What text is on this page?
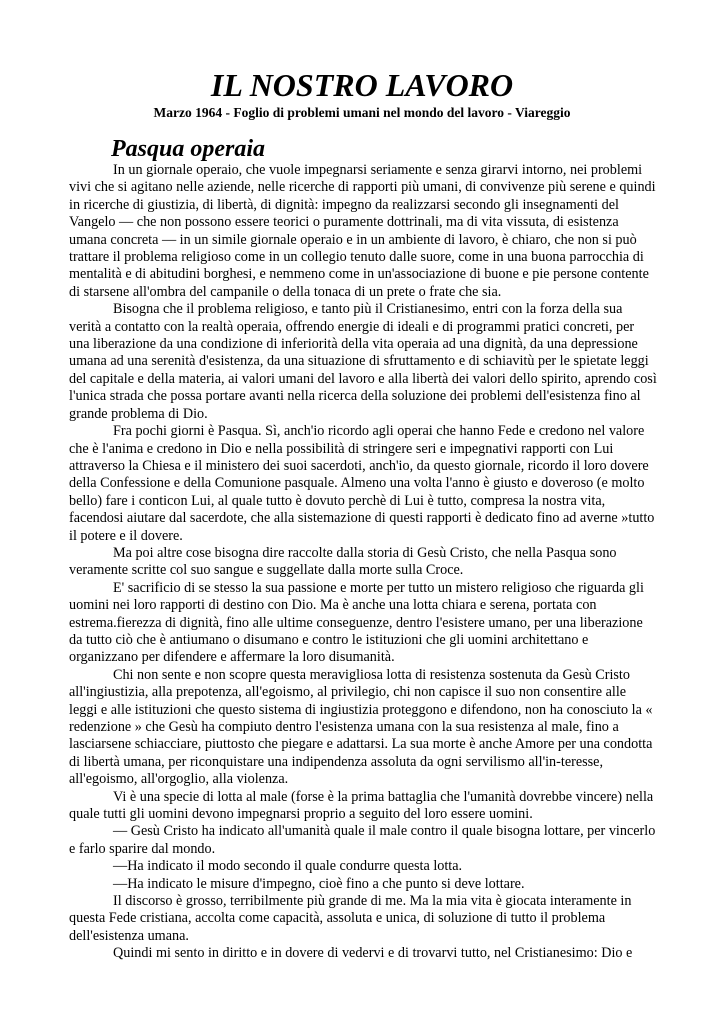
IL NOSTRO LAVORO
Marzo 1964 - Foglio di problemi umani nel mondo del lavoro - Viareggio
Pasqua operaia

In un giornale operaio, che vuole impegnarsi seriamente e senza girarvi intorno, nei problemi vivi che si agitano nelle aziende, nelle ricerche di rapporti più umani, di convivenze più serene e quindi in ricerche di giustizia, di libertà, di dignità: impegno da realizzarsi secondo gli insegnamenti del Vangelo — che non possono essere teorici o puramente dottrinali, ma di vita vissuta, di esistenza umana concreta — in un simile giornale operaio e in un ambiente di lavoro, è chiaro, che non si può trattare il problema religioso come in un collegio tenuto dalle suore, come in una buona parrocchia di mentalità e di abitudini borghesi, e nemmeno come in un'associazione di buone e pie persone contente di starsene all'ombra del campanile o della tonaca di un prete o frate che sia.

Bisogna che il problema religioso, e tanto più il Cristianesimo, entri con la forza della sua verità a contatto con la realtà operaia, offrendo energie di ideali e di programmi pratici concreti, per una liberazione da una condizione di inferiorità della vita operaia ad una dignità, da una depressione umana ad una serenità d'esistenza, da una situazione di sfruttamento e di schiavitù per le spietate leggi del capitale e della materia, ai valori umani del lavoro e alla libertà dei valori dello spirito, aprendo così l'unica strada che possa portare avanti nella ricerca della soluzione dei problemi dell'esistenza fino al grande problema di Dio.

Fra pochi giorni è Pasqua. Sì, anch'io ricordo agli operai che hanno Fede e credono nel valore che è l'anima e credono in Dio e nella possibilità di stringere seri e impegnativi rapporti con Lui attraverso la Chiesa e il ministero dei suoi sacerdoti, anch'io, da questo giornale, ricordo il loro dovere della Confessione e della Comunione pasquale. Almeno una volta l'anno è giusto e doveroso (e molto bello) fare i conticon Lui, al quale tutto è dovuto perchè di Lui è tutto, compresa la nostra vita, facendosi aiutare dal sacerdote, che alla sistemazione di questi rapporti è dedicato fino ad averne »tutto il potere e il dovere.

Ma poi altre cose bisogna dire raccolte dalla storia di Gesù Cristo, che nella Pasqua sono veramente scritte col suo sangue e suggellate dalla morte sulla Croce.

E' sacrificio di se stesso la sua passione e morte per tutto un mistero religioso che riguarda gli uomini nei loro rapporti di destino con Dio. Ma è anche una lotta chiara e serena, portata con estrema.fierezza di dignità, fino alle ultime conseguenze, dentro l'esistere umano, per una liberazione da tutto ciò che è antiumano o disumano e contro le istituzioni che gli uomini architettano e organizzano per difendere e affermare la loro disumanità.

Chi non sente e non scopre questa meravigliosa lotta di resistenza sostenuta da Gesù Cristo all'ingiustizia, alla prepotenza, all'egoismo, al privilegio, chi non capisce il suo non consentire alle leggi e alle istituzioni che questo sistema di ingiustizia proteggono e difendono, non ha conosciuto la « redenzione » che Gesù ha compiuto dentro l'esistenza umana con la sua resistenza al male, fino a lasciarsene schiacciare, piuttosto che piegare e adattarsi. La sua morte è anche Amore per una condotta di libertà umana, per riconquistare una indipendenza assoluta da ogni servilismo all'in-teresse, all'egoismo, all'orgoglio, alla violenza.

Vi è una specie di lotta al male (forse è la prima battaglia che l'umanità dovrebbe vincere) nella quale tutti gli uomini devono impegnarsi proprio a seguito del loro essere uomini.

— Gesù Cristo ha indicato all'umanità quale il male contro il quale bisogna lottare, per vincerlo e farlo sparire dal mondo.

—Ha indicato il modo secondo il quale condurre questa lotta.

—Ha indicato le misure d'impegno, cioè fino a che punto si deve lottare.

Il discorso è grosso, terribilmente più grande di me. Ma la mia vita è giocata interamente in questa Fede cristiana, accolta come capacità, assoluta e unica, di soluzione di tutto il problema dell'esistenza umana.

Quindi mi sento in diritto e in dovere di vedervi e di trovarvi tutto, nel Cristianesimo: Dio e
